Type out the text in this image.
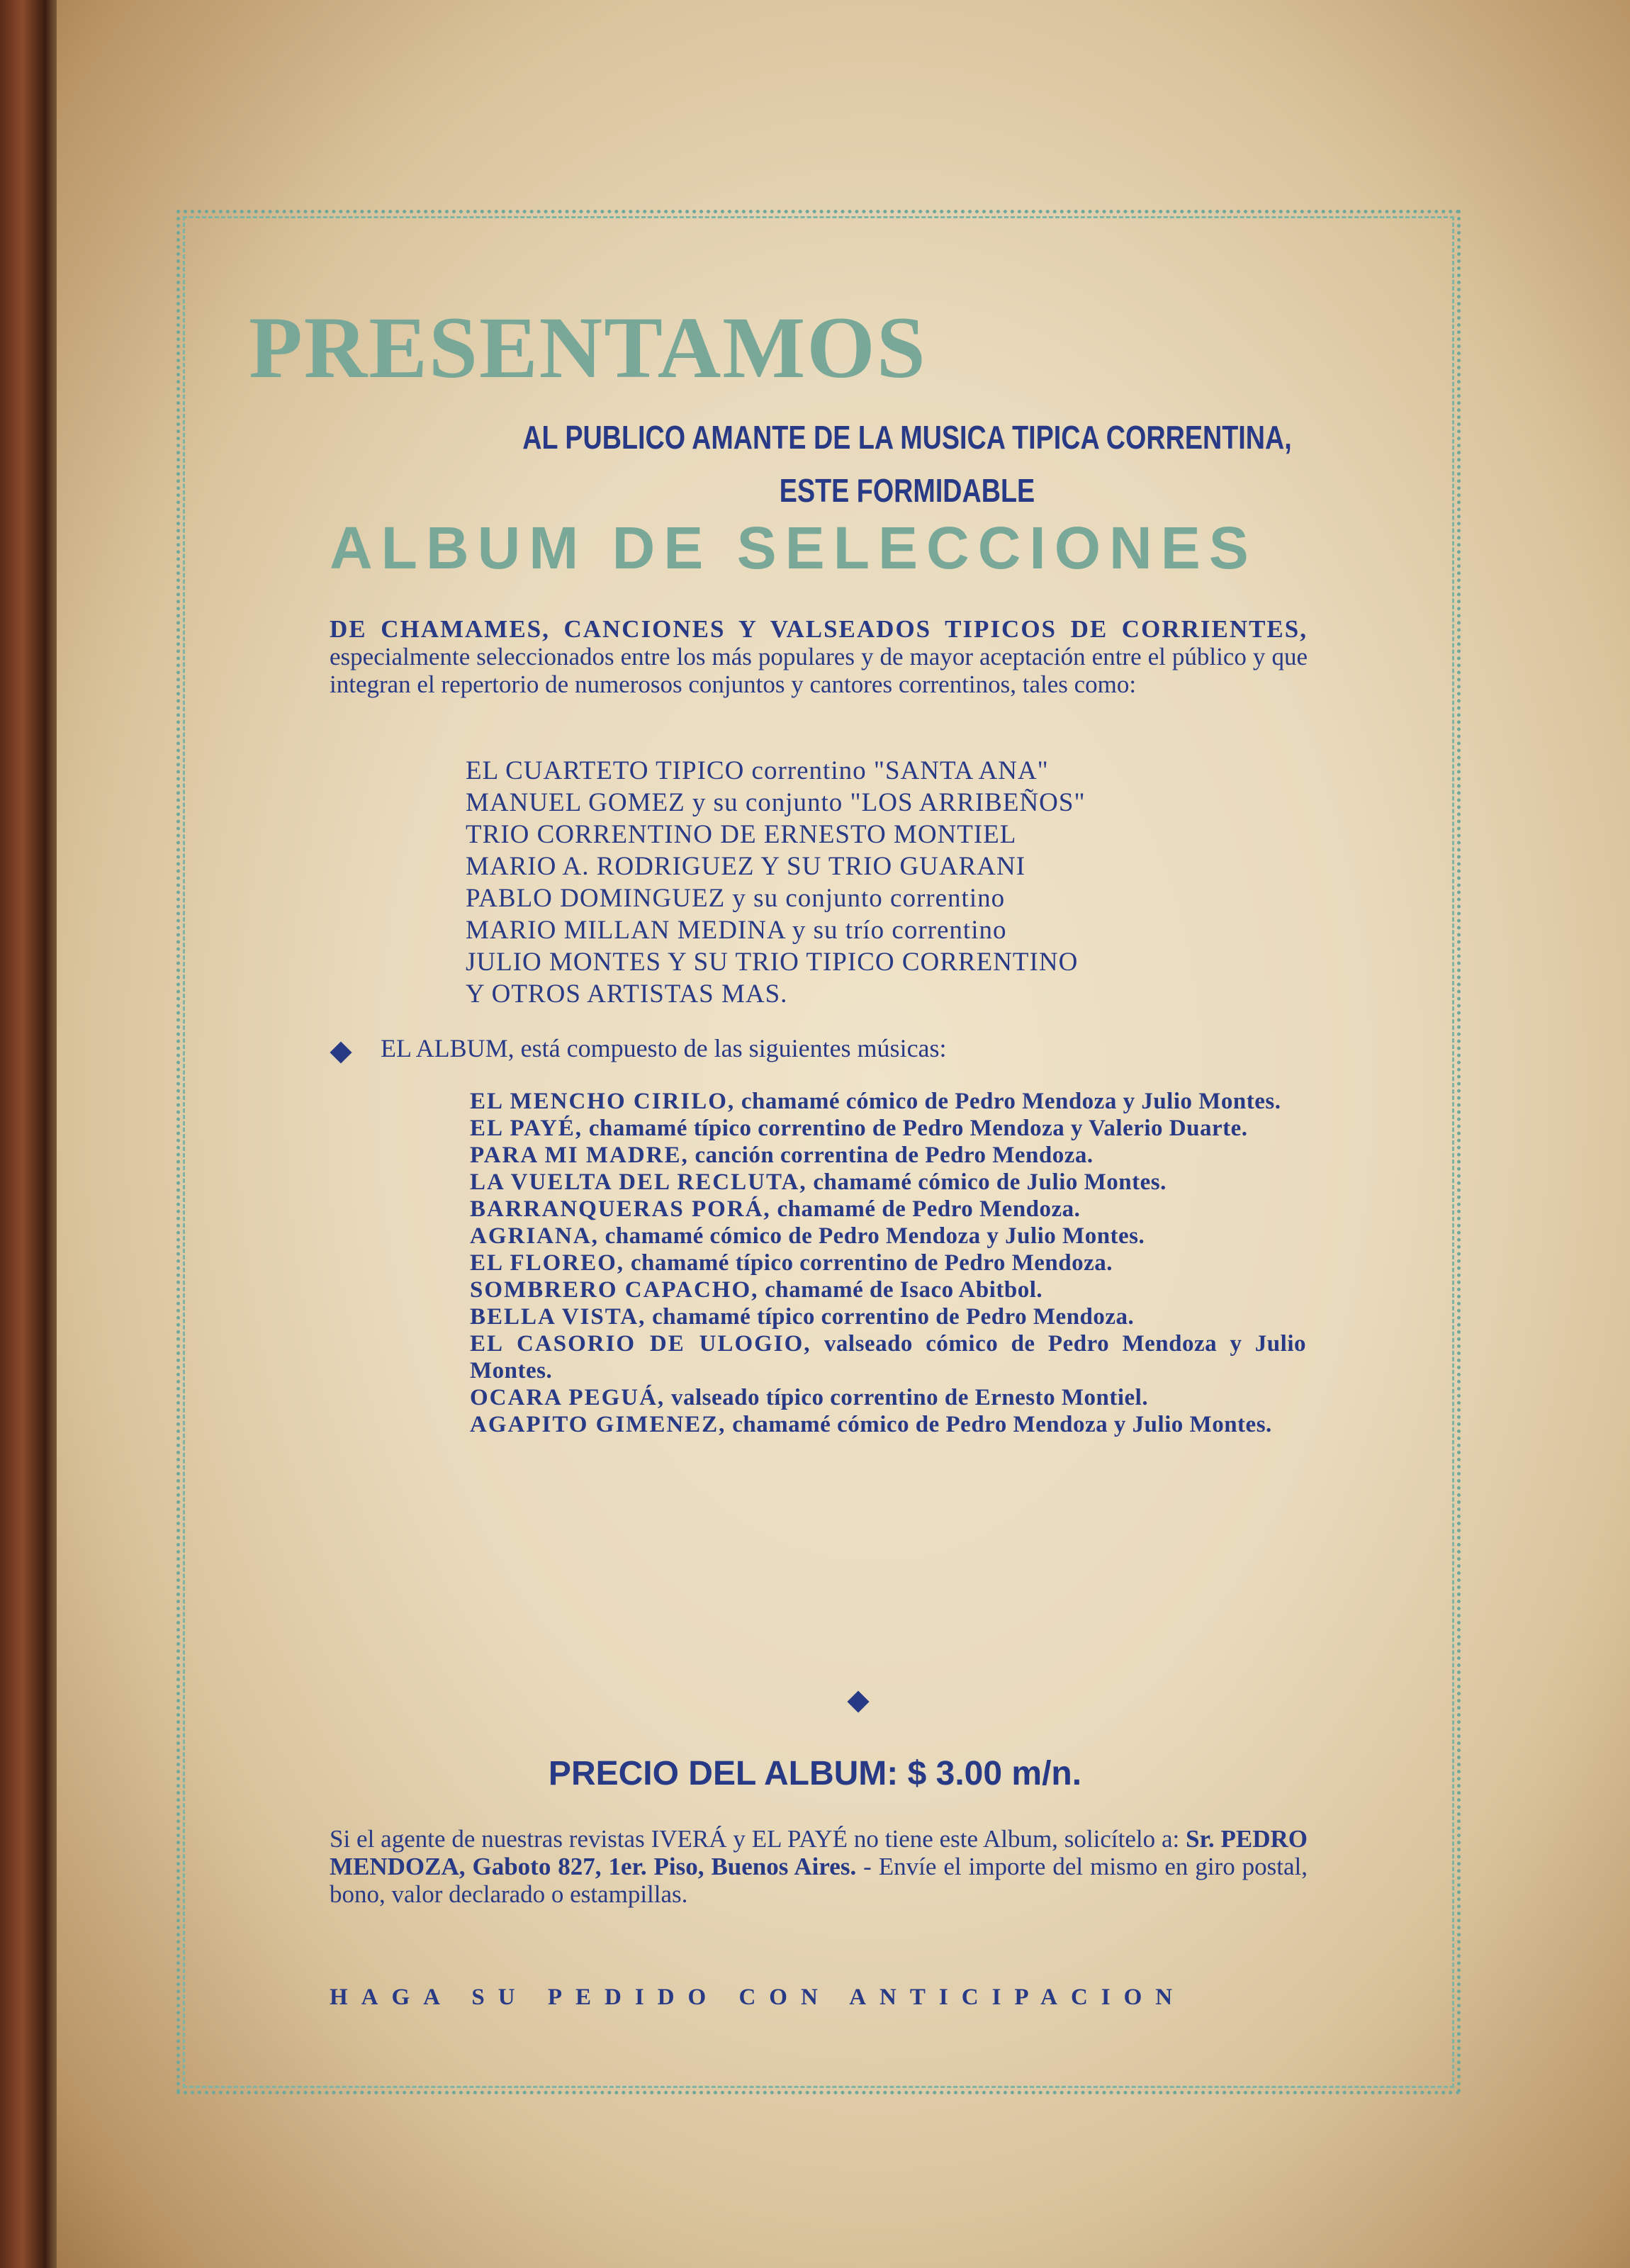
PRESENTAMOS
AL PUBLICO AMANTE DE LA MUSICA TIPICA CORRENTINA,
ESTE FORMIDABLE
ALBUM DE SELECCIONES
DE CHAMAMES, CANCIONES Y VALSEADOS TIPICOS DE CORRIENTES, especialmente seleccionados entre los más populares y de mayor aceptación entre el público y que integran el repertorio de numerosos conjuntos y cantores correntinos, tales como:
EL CUARTETO TIPICO correntino "SANTA ANA"
MANUEL GOMEZ y su conjunto "LOS ARRIBEÑOS"
TRIO CORRENTINO DE ERNESTO MONTIEL
MARIO A. RODRIGUEZ Y SU TRIO GUARANI
PABLO DOMINGUEZ y su conjunto correntino
MARIO MILLAN MEDINA y su trío correntino
JULIO MONTES Y SU TRIO TIPICO CORRENTINO
Y OTROS ARTISTAS MAS.
EL ALBUM, está compuesto de las siguientes músicas:
EL MENCHO CIRILO, chamamé cómico de Pedro Mendoza y Julio Montes.
EL PAYÉ, chamamé típico correntino de Pedro Mendoza y Valerio Duarte.
PARA MI MADRE, canción correntina de Pedro Mendoza.
LA VUELTA DEL RECLUTA, chamamé cómico de Julio Montes.
BARRANQUERAS PORÁ, chamamé de Pedro Mendoza.
AGRIANA, chamamé cómico de Pedro Mendoza y Julio Montes.
EL FLOREO, chamamé típico correntino de Pedro Mendoza.
SOMBRERO CAPACHO, chamamé de Isaco Abitbol.
BELLA VISTA, chamamé típico correntino de Pedro Mendoza.
EL CASORIO DE ULOGIO, valseado cómico de Pedro Mendoza y Julio Montes.
OCARA PEGUÁ, valseado típico correntino de Ernesto Montiel.
AGAPITO GIMENEZ, chamamé cómico de Pedro Mendoza y Julio Montes.
PRECIO DEL ALBUM: $ 3.00 m/n.
Si el agente de nuestras revistas IVERÁ y EL PAYÉ no tiene este Album, solicítelo a: Sr. PEDRO MENDOZA, Gaboto 827, 1er. Piso, Buenos Aires. - Envíe el importe del mismo en giro postal, bono, valor declarado o estampillas.
HAGA SU PEDIDO CON ANTICIPACION
